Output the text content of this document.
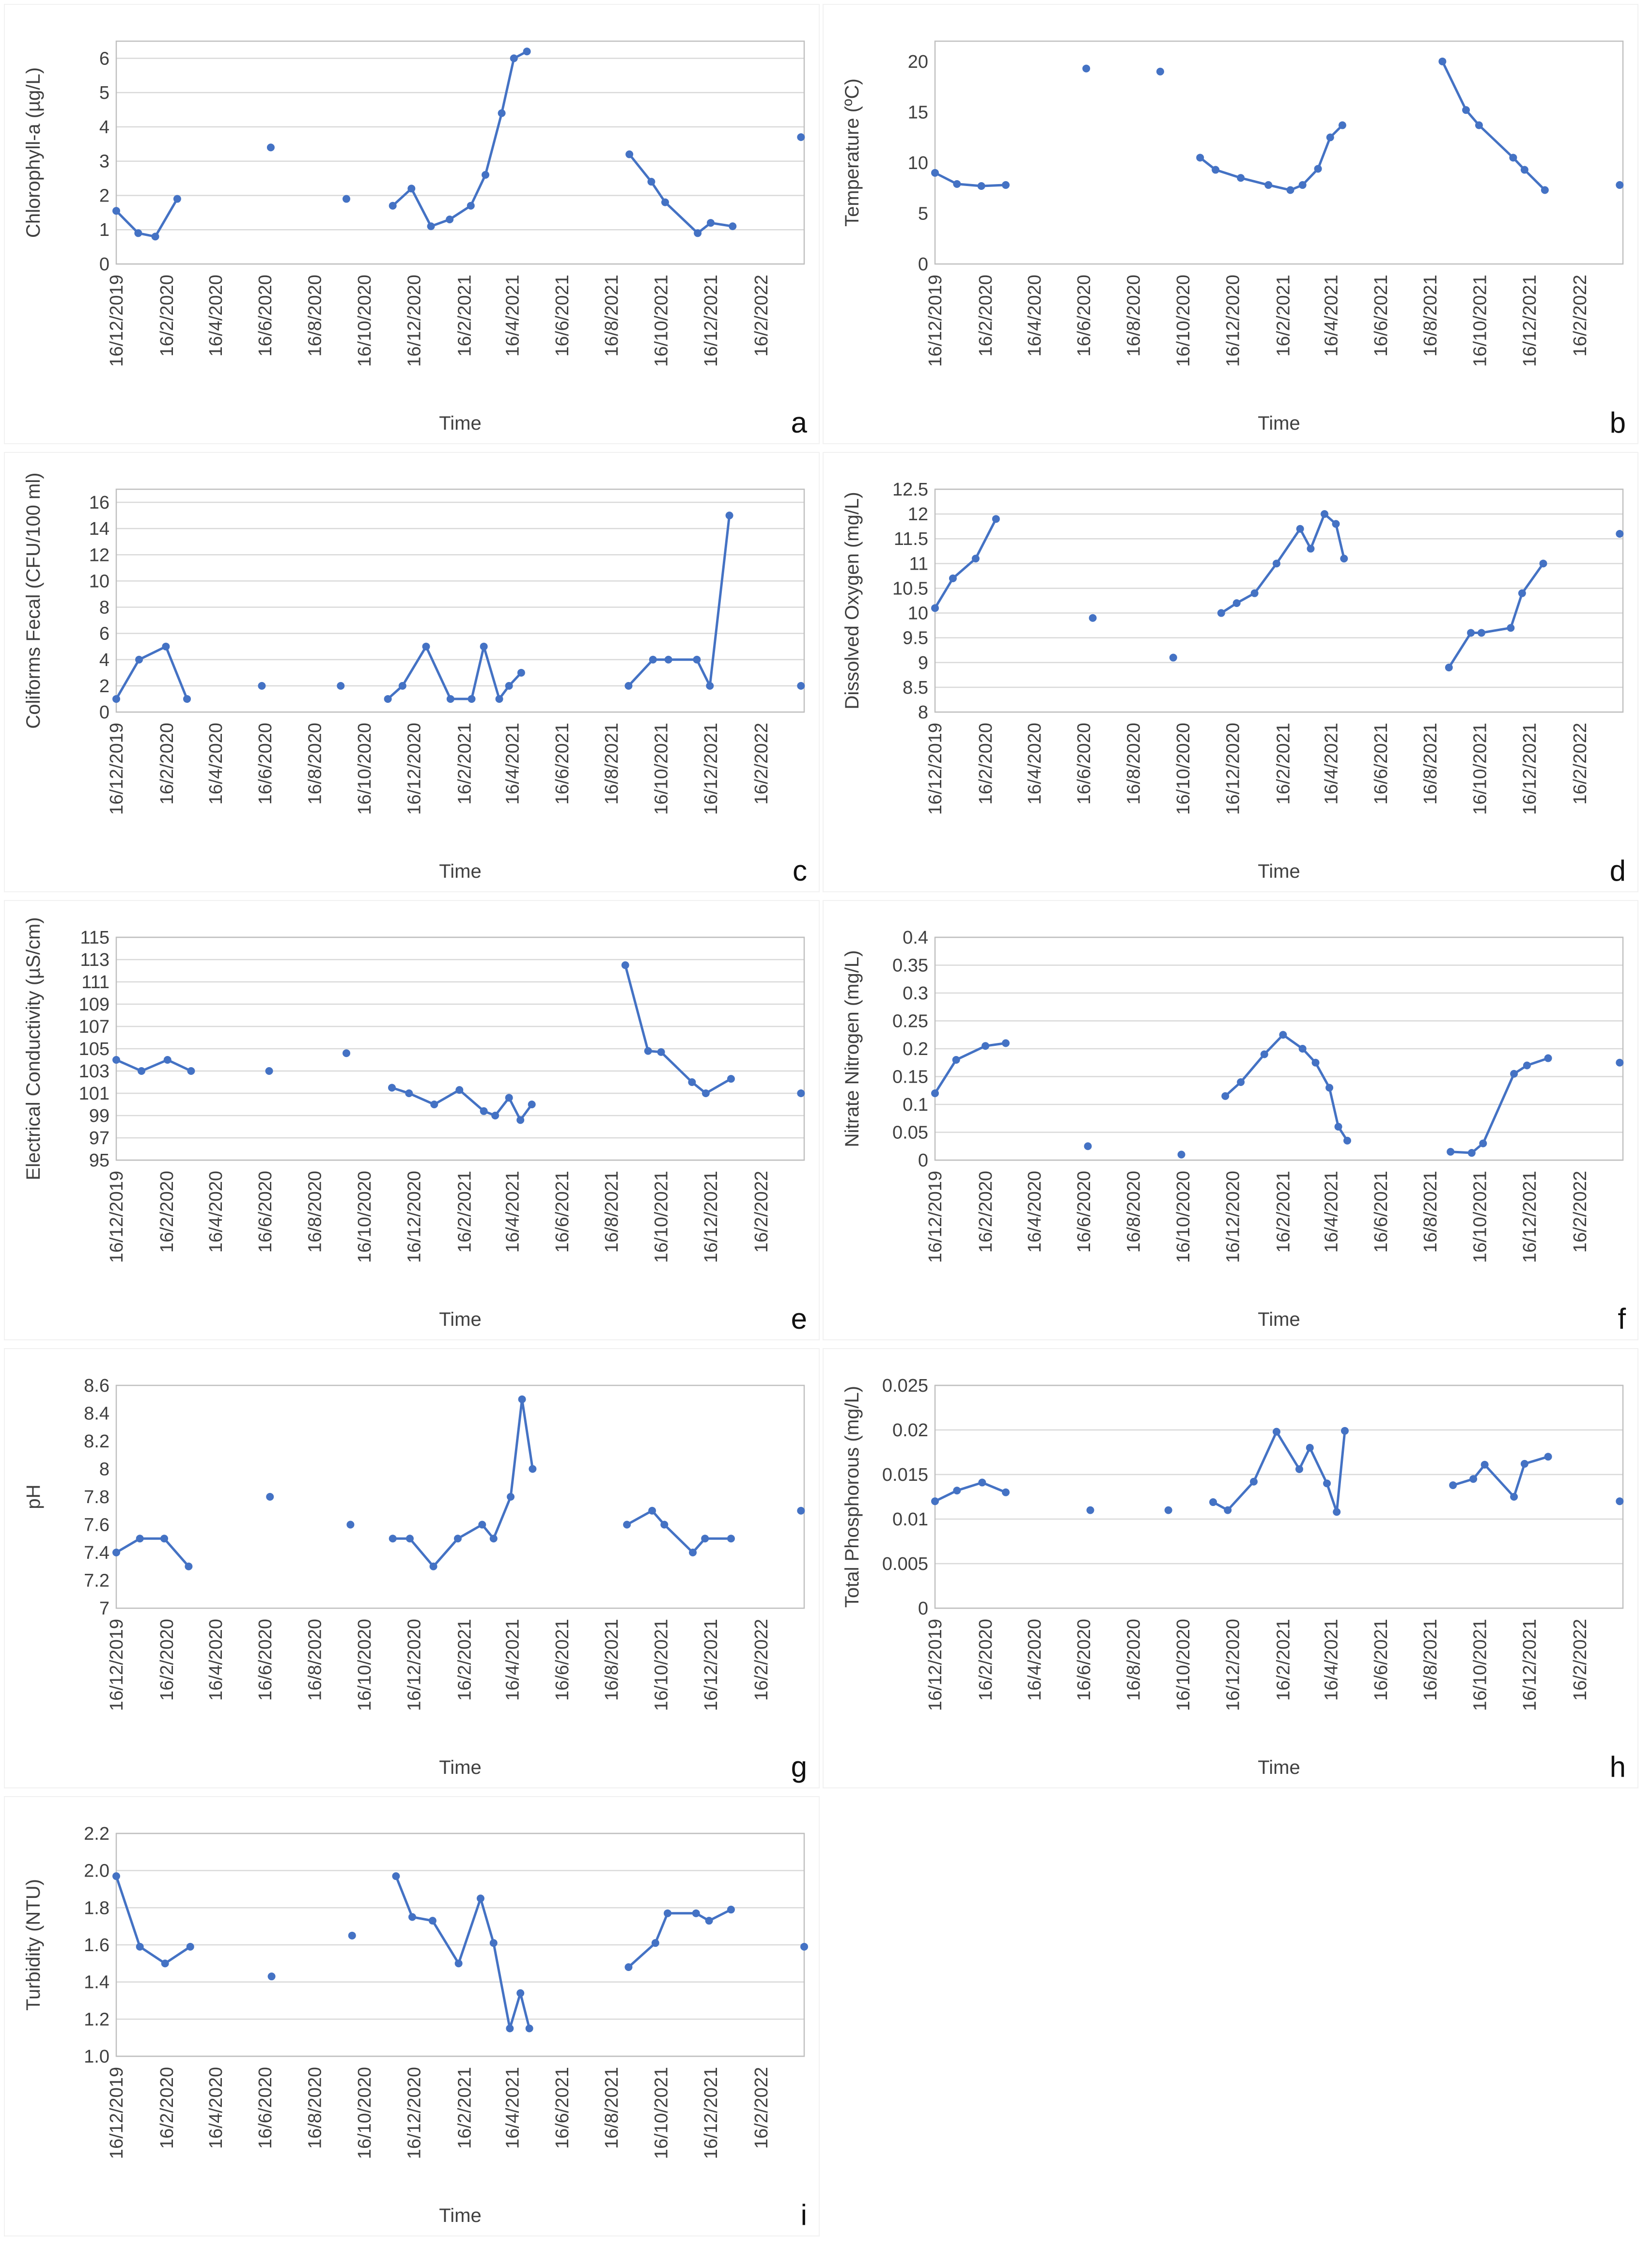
0
1
2
3
4
5
6
16/12/2019 16/2/2020 16/4/2020 16/6/2020 16/8/2020 16/10/2020 16/12/2020 16/2/2021 16/4/2021 16/6/2021 16/8/2021 16/10/2021 16/12/2021 16/2/2022
Time
Chlorophyll-a (µg/L)
a
0
5
10
15
20
16/12/2019 16/2/2020 16/4/2020 16/6/2020 16/8/2020 16/10/2020 16/12/2020 16/2/2021 16/4/2021 16/6/2021 16/8/2021 16/10/2021 16/12/2021 16/2/2022
Time
Temperature (ºC)
b
0
2
4
6
8
10
12
14
16
16/12/2019 16/2/2020 16/4/2020 16/6/2020 16/8/2020 16/10/2020 16/12/2020 16/2/2021 16/4/2021 16/6/2021 16/8/2021 16/10/2021 16/12/2021 16/2/2022
Time
Coliforms Fecal (CFU/100 ml)
c
8
8.5
9
9.5
10
10.5
11
11.5
12
12.5
16/12/2019 16/2/2020 16/4/2020 16/6/2020 16/8/2020 16/10/2020 16/12/2020 16/2/2021 16/4/2021 16/6/2021 16/8/2021 16/10/2021 16/12/2021 16/2/2022
Time
Dissolved Oxygen (mg/L)
d
95
97
99
101
103
105
107
109
111
113
115
16/12/2019 16/2/2020 16/4/2020 16/6/2020 16/8/2020 16/10/2020 16/12/2020 16/2/2021 16/4/2021 16/6/2021 16/8/2021 16/10/2021 16/12/2021 16/2/2022
Time
Electrical Conductivity (µS/cm)
e
0
0.05
0.1
0.15
0.2
0.25
0.3
0.35
0.4
16/12/2019 16/2/2020 16/4/2020 16/6/2020 16/8/2020 16/10/2020 16/12/2020 16/2/2021 16/4/2021 16/6/2021 16/8/2021 16/10/2021 16/12/2021 16/2/2022
Time
Nitrate Nitrogen (mg/L)
f
7
7.2
7.4
7.6
7.8
8
8.2
8.4
8.6
16/12/2019 16/2/2020 16/4/2020 16/6/2020 16/8/2020 16/10/2020 16/12/2020 16/2/2021 16/4/2021 16/6/2021 16/8/2021 16/10/2021 16/12/2021 16/2/2022
Time
pH
g
0
0.005
0.01
0.015
0.02
0.025
16/12/2019 16/2/2020 16/4/2020 16/6/2020 16/8/2020 16/10/2020 16/12/2020 16/2/2021 16/4/2021 16/6/2021 16/8/2021 16/10/2021 16/12/2021 16/2/2022
Time
Total Phosphorous (mg/L)
h
1.0
1.2
1.4
1.6
1.8
2.0
2.2
16/12/2019 16/2/2020 16/4/2020 16/6/2020 16/8/2020 16/10/2020 16/12/2020 16/2/2021 16/4/2021 16/6/2021 16/8/2021 16/10/2021 16/12/2021 16/2/2022
Time
Turbidity (NTU)
i
